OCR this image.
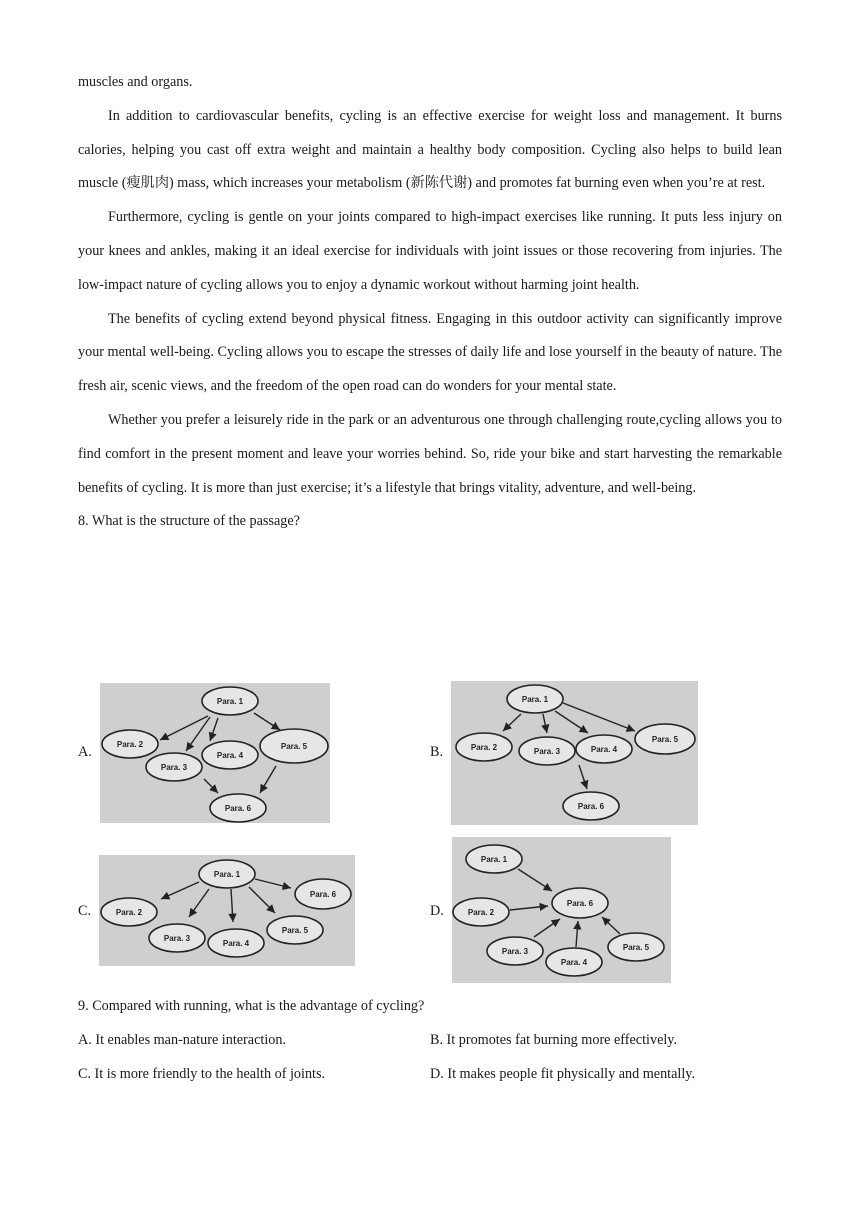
muscles and organs.

In addition to cardiovascular benefits, cycling is an effective exercise for weight loss and management. It burns calories, helping you cast off extra weight and maintain a healthy body composition. Cycling also helps to build lean muscle (瘦肌肉) mass, which increases your metabolism (新陈代谢) and promotes fat burning even when you’re at rest.

Furthermore, cycling is gentle on your joints compared to high-impact exercises like running. It puts less injury on your knees and ankles, making it an ideal exercise for individuals with joint issues or those recovering from injuries. The low-impact nature of cycling allows you to enjoy a dynamic workout without harming joint health.

The benefits of cycling extend beyond physical fitness. Engaging in this outdoor activity can significantly improve your mental well-being. Cycling allows you to escape the stresses of daily life and lose yourself in the beauty of nature. The fresh air, scenic views, and the freedom of the open road can do wonders for your mental state.

Whether you prefer a leisurely ride in the park or an adventurous one through challenging route,cycling allows you to find comfort in the present moment and leave your worries behind. So, ride your bike and start harvesting the remarkable benefits of cycling. It is more than just exercise; it’s a lifestyle that brings vitality, adventure, and well-being.

8. What is the structure of the passage?

A.
Para. 1
Para. 2
Para. 3
Para. 4
Para. 5
Para. 6
B.
Para. 1
Para. 2	Para. 3	Para. 4
Para. 5
Para. 6
C.
Para. 1
Para. 2
Para. 3
Para. 4
Para. 5
Para. 6
D.
Para. 1
Para. 2
Para. 3
Para. 4
Para. 5
Para. 6
9. Compared with running, what is the advantage of cycling?
A. It enables man-nature interaction.	B. It promotes fat burning more effectively.
C. It is more friendly to the health of joints.	D. It makes people fit physically and mentally.
